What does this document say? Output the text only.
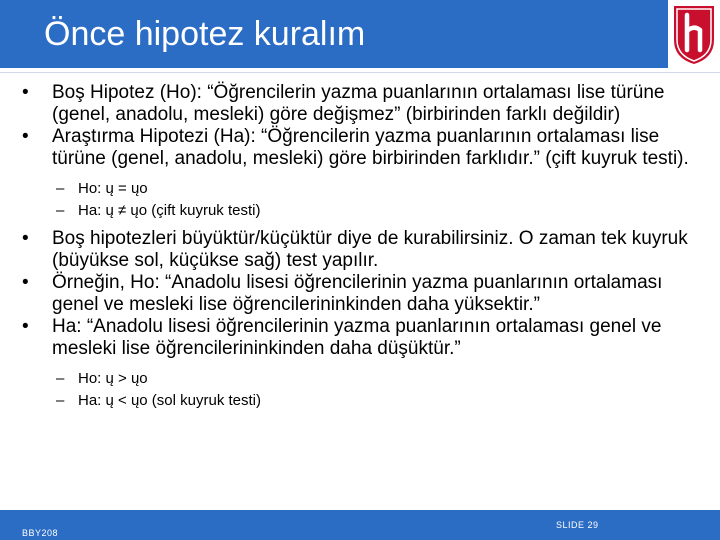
Önce hipotez kuralım
•	Boş Hipotez (Ho): “Öğrencilerin yazma puanlarının ortalaması lise türüne (genel, anadolu, mesleki) göre değişmez” (birbirinden farklı değildir)
•	Araştırma Hipotezi (Ha): “Öğrencilerin yazma puanlarının ortalaması lise türüne (genel, anadolu, mesleki) göre birbirinden farklıdır.” (çift kuyruk testi).
– Ho: ų = ųo
– Ha: ų ≠ ųo (çift kuyruk testi)
•	Boş hipotezleri büyüktür/küçüktür diye de kurabilirsiniz. O zaman tek kuyruk (büyükse sol, küçükse sağ) test yapılır.
•	Örneğin, Ho: “Anadolu lisesi öğrencilerinin yazma puanlarının ortalaması genel ve mesleki lise öğrencilerininkinden daha yüksektir.”
•	Ha: “Anadolu lisesi öğrencilerinin yazma puanlarının ortalaması genel ve mesleki lise öğrencilerininkinden daha düşüktür.”
– Ho: ų > ųo
– Ha: ų < ųo (sol kuyruk testi)
BBY208
SLIDE 29
